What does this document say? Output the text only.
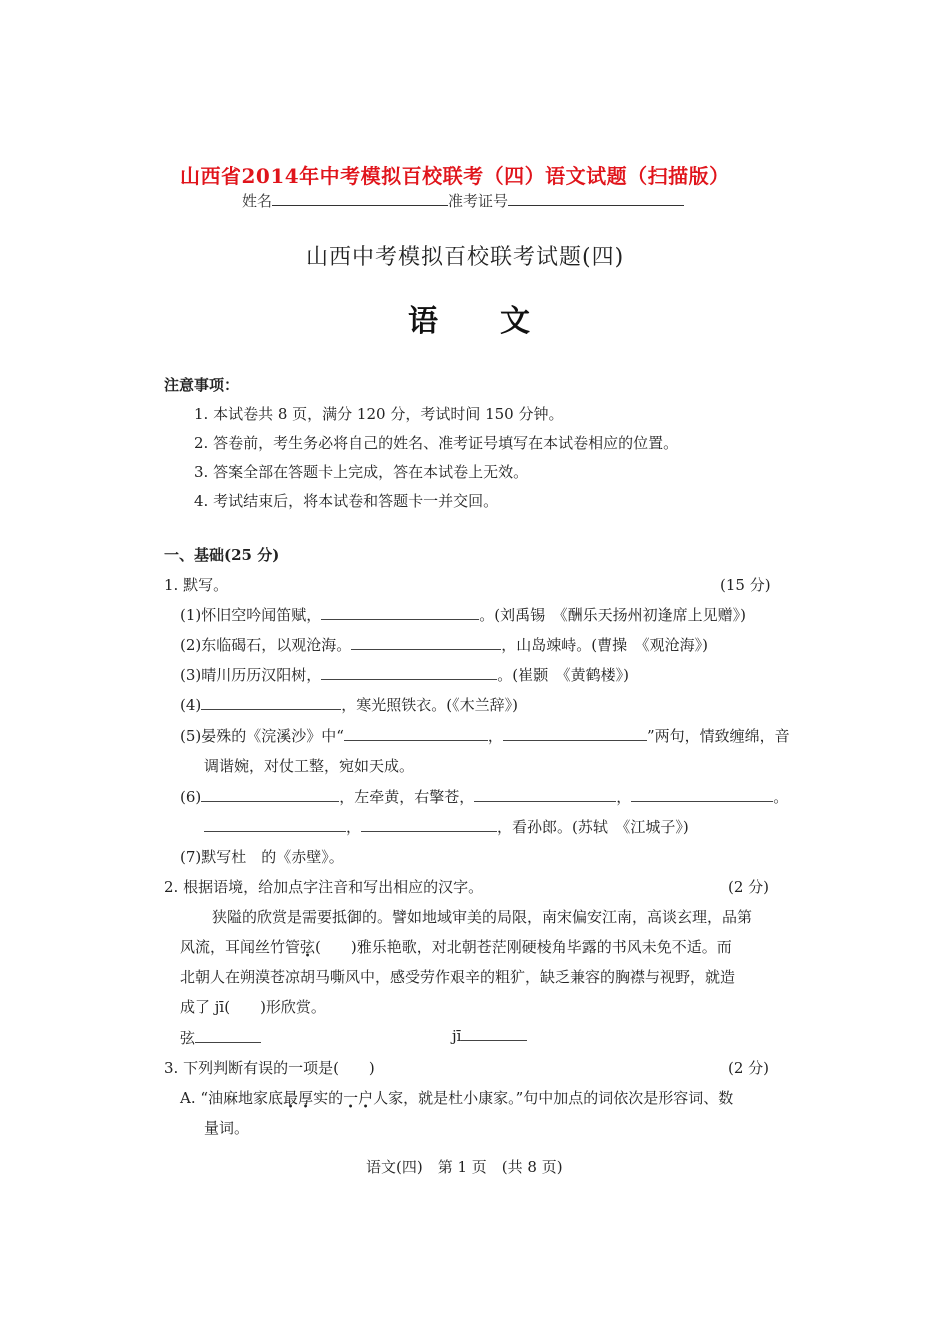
山西省2014年中考模拟百校联考（四）语文试题（扫描版）
姓名	准考证号
山西中考模拟百校联考试题(四)
语 文
注意事项：
1. 本试卷共 8 页，满分 120 分，考试时间 150 分钟。
2. 答卷前，考生务必将自己的姓名、准考证号填写在本试卷相应的位置。
3. 答案全部在答题卡上完成，答在本试卷上无效。
4. 考试结束后，将本试卷和答题卡一并交回。
一、基础(25 分)
1. 默写。	(15 分)
(1)怀旧空吟闻笛赋，	。(刘禹锡　《酬乐天扬州初逢席上见赠》)
(2)东临碣石，以观沧海。	，山岛竦峙。(曹操　《观沧海》)
(3)晴川历历汉阳树，	。(崔颢　《黄鹤楼》)
(4)	，寒光照铁衣。(《木兰辞》)
(5)晏殊的《浣溪沙》中“	，	”两句，情致缠绵，音
调谐婉，对仗工整，宛如天成。
(6)	，左牵黄，右擎苍，	，	。
，	，看孙郎。(苏轼　《江城子》)
(7)默写杜　的《赤壁》。
2. 根据语境，给加点字注音和写出相应的汉字。	(2 分)
狭隘的欣赏是需要抵御的。譬如地域审美的局限，南宋偏安江南，高谈玄理，品第
风流，耳闻丝竹管弦(　　)雅乐艳歌，对北朝苍茫刚硬棱角毕露的书风未免不适。而
北朝人在朔漠苍凉胡马嘶风中，感受劳作艰辛的粗犷，缺乏兼容的胸襟与视野，就造
成了 jī(　　)形欣赏。
弦	jī
3. 下列判断有误的一项是(　　)	(2 分)
A. “油麻地家底最厚实的一户人家，就是杜小康家。”句中加点的词依次是形容词、数
量词。
语文(四)　第 1 页　(共 8 页)
